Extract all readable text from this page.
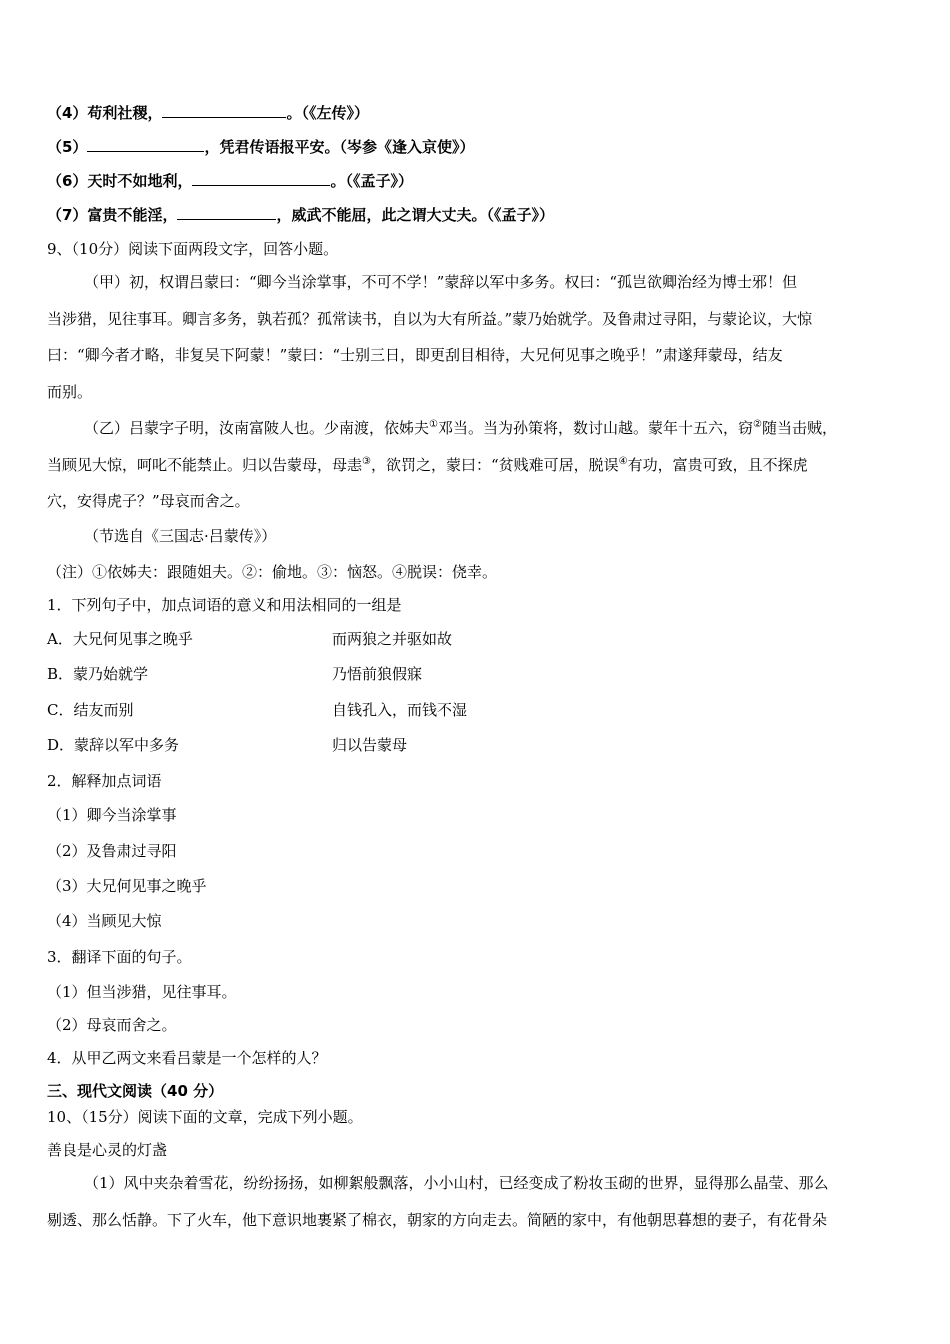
（4）苟利社稷，	。（《左传》）
（5）	，凭君传语报平安。（岑参《逢入京使》）
（6）天时不如地利，	。（《孟子》）
（7）富贵不能淫，	，威武不能屈，此之谓大丈夫。（《孟子》）
9、（10分）阅读下面两段文字，回答小题。
（甲）初，权谓吕蒙曰：“卿今当涂掌事，不可不学！”蒙辞以军中多务。权曰：“孤岂欲卿治经为博士邪！但
当涉猎，见往事耳。卿言多务，孰若孤？孤常读书，自以为大有所益。”蒙乃始就学。及鲁肃过寻阳，与蒙论议，大惊
曰：“卿今者才略，非复吴下阿蒙！”蒙曰：“士别三日，即更刮目相待，大兄何见事之晚乎！”肃遂拜蒙母，结友
而别。
（乙）吕蒙字子明，汝南富陂人也。少南渡，依姊夫①邓当。当为孙策将，数讨山越。蒙年十五六，窃②随当击贼，
当顾见大惊，呵叱不能禁止。归以告蒙母，母恚③，欲罚之，蒙曰：“贫贱难可居，脱误④有功，富贵可致，且不探虎
穴，安得虎子？”母哀而舍之。
（节选自《三国志·吕蒙传》）
（注）①依姊夫：跟随姐夫。②：偷地。③：恼怒。④脱误：侥幸。
1．下列句子中，加点词语的意义和用法相同的一组是
A．大兄何见事之晚乎	而两狼之并驱如故
B．蒙乃始就学	乃悟前狼假寐
C．结友而别	自钱孔入，而钱不湿
D．蒙辞以军中多务	归以告蒙母
2．解释加点词语
（1）卿今当涂掌事
（2）及鲁肃过寻阳
（3）大兄何见事之晚乎
（4）当顾见大惊
3．翻译下面的句子。
（1）但当涉猎，见往事耳。
（2）母哀而舍之。
4．从甲乙两文来看吕蒙是一个怎样的人？
三、现代文阅读（40 分）
10、（15分）阅读下面的文章，完成下列小题。
善良是心灵的灯盏
（1）风中夹杂着雪花，纷纷扬扬，如柳絮般飘落，小小山村，已经变成了粉妆玉砌的世界，显得那么晶莹、那么
剔透、那么恬静。下了火车，他下意识地裹紧了棉衣，朝家的方向走去。简陋的家中，有他朝思暮想的妻子，有花骨朵
